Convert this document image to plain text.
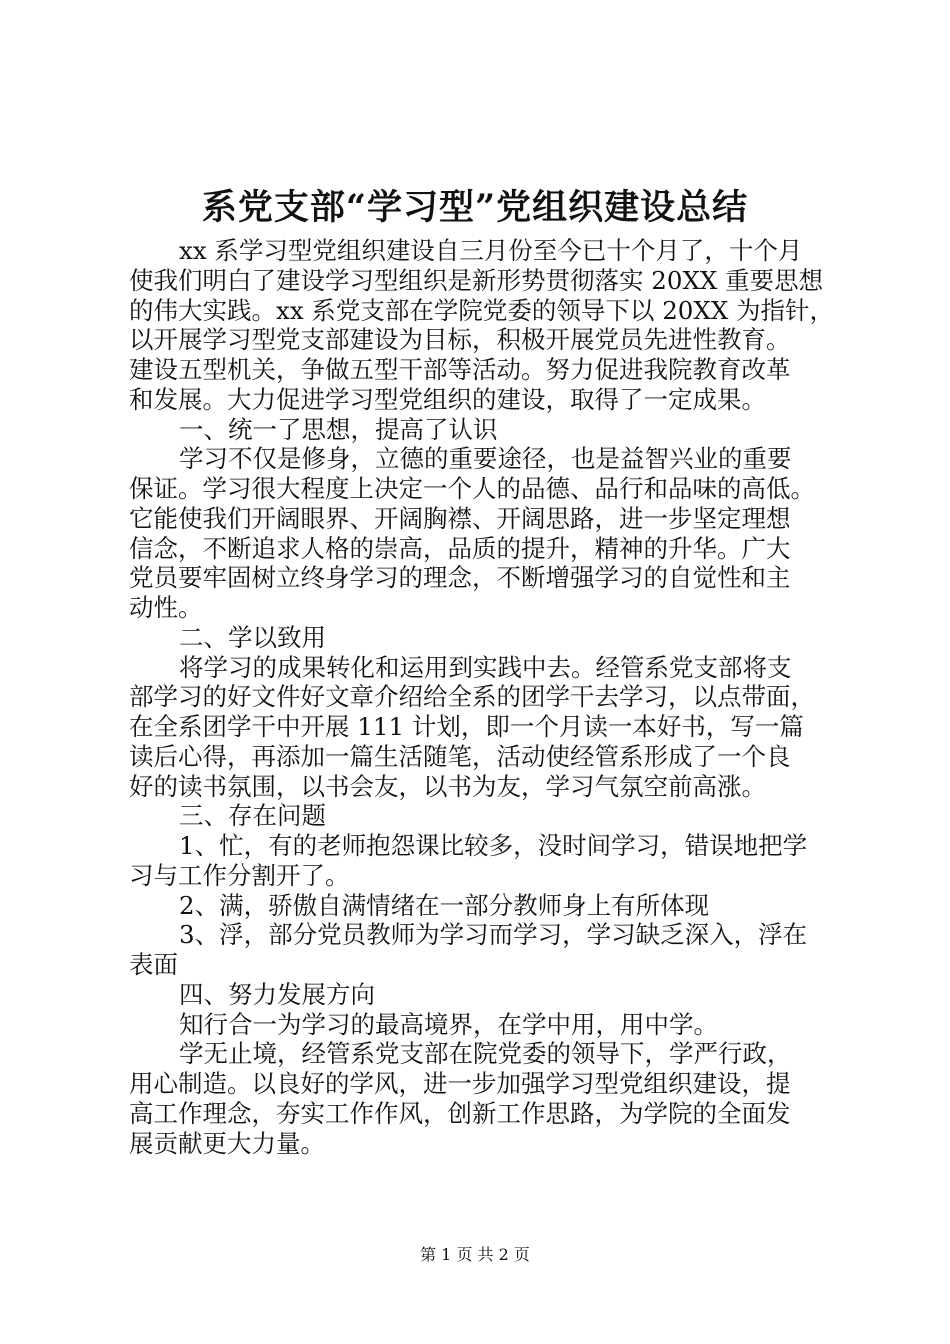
系党支部“学习型”党组织建设总结
xx 系学习型党组织建设自三月份至今已十个月了，十个月
使我们明白了建设学习型组织是新形势贯彻落实 20XX 重要思想
的伟大实践。xx 系党支部在学院党委的领导下以 20XX 为指针，
以开展学习型党支部建设为目标，积极开展党员先进性教育。
建设五型机关，争做五型干部等活动。努力促进我院教育改革
和发展。大力促进学习型党组织的建设，取得了一定成果。
一、统一了思想，提高了认识
学习不仅是修身，立德的重要途径，也是益智兴业的重要
保证。学习很大程度上决定一个人的品德、品行和品味的高低。
它能使我们开阔眼界、开阔胸襟、开阔思路，进一步坚定理想
信念，不断追求人格的崇高，品质的提升，精神的升华。广大
党员要牢固树立终身学习的理念，不断增强学习的自觉性和主
动性。
二、学以致用
将学习的成果转化和运用到实践中去。经管系党支部将支
部学习的好文件好文章介绍给全系的团学干去学习，以点带面，
在全系团学干中开展 111 计划，即一个月读一本好书，写一篇
读后心得，再添加一篇生活随笔，活动使经管系形成了一个良
好的读书氛围，以书会友，以书为友，学习气氛空前高涨。
三、存在问题
1、忙，有的老师抱怨课比较多，没时间学习，错误地把学
习与工作分割开了。
2、满，骄傲自满情绪在一部分教师身上有所体现
3、浮，部分党员教师为学习而学习，学习缺乏深入，浮在
表面
四、努力发展方向
知行合一为学习的最高境界，在学中用，用中学。
学无止境，经管系党支部在院党委的领导下，学严行政，
用心制造。以良好的学风，进一步加强学习型党组织建设，提
高工作理念，夯实工作作风，创新工作思路，为学院的全面发
展贡献更大力量。
第 1 页 共 2 页
